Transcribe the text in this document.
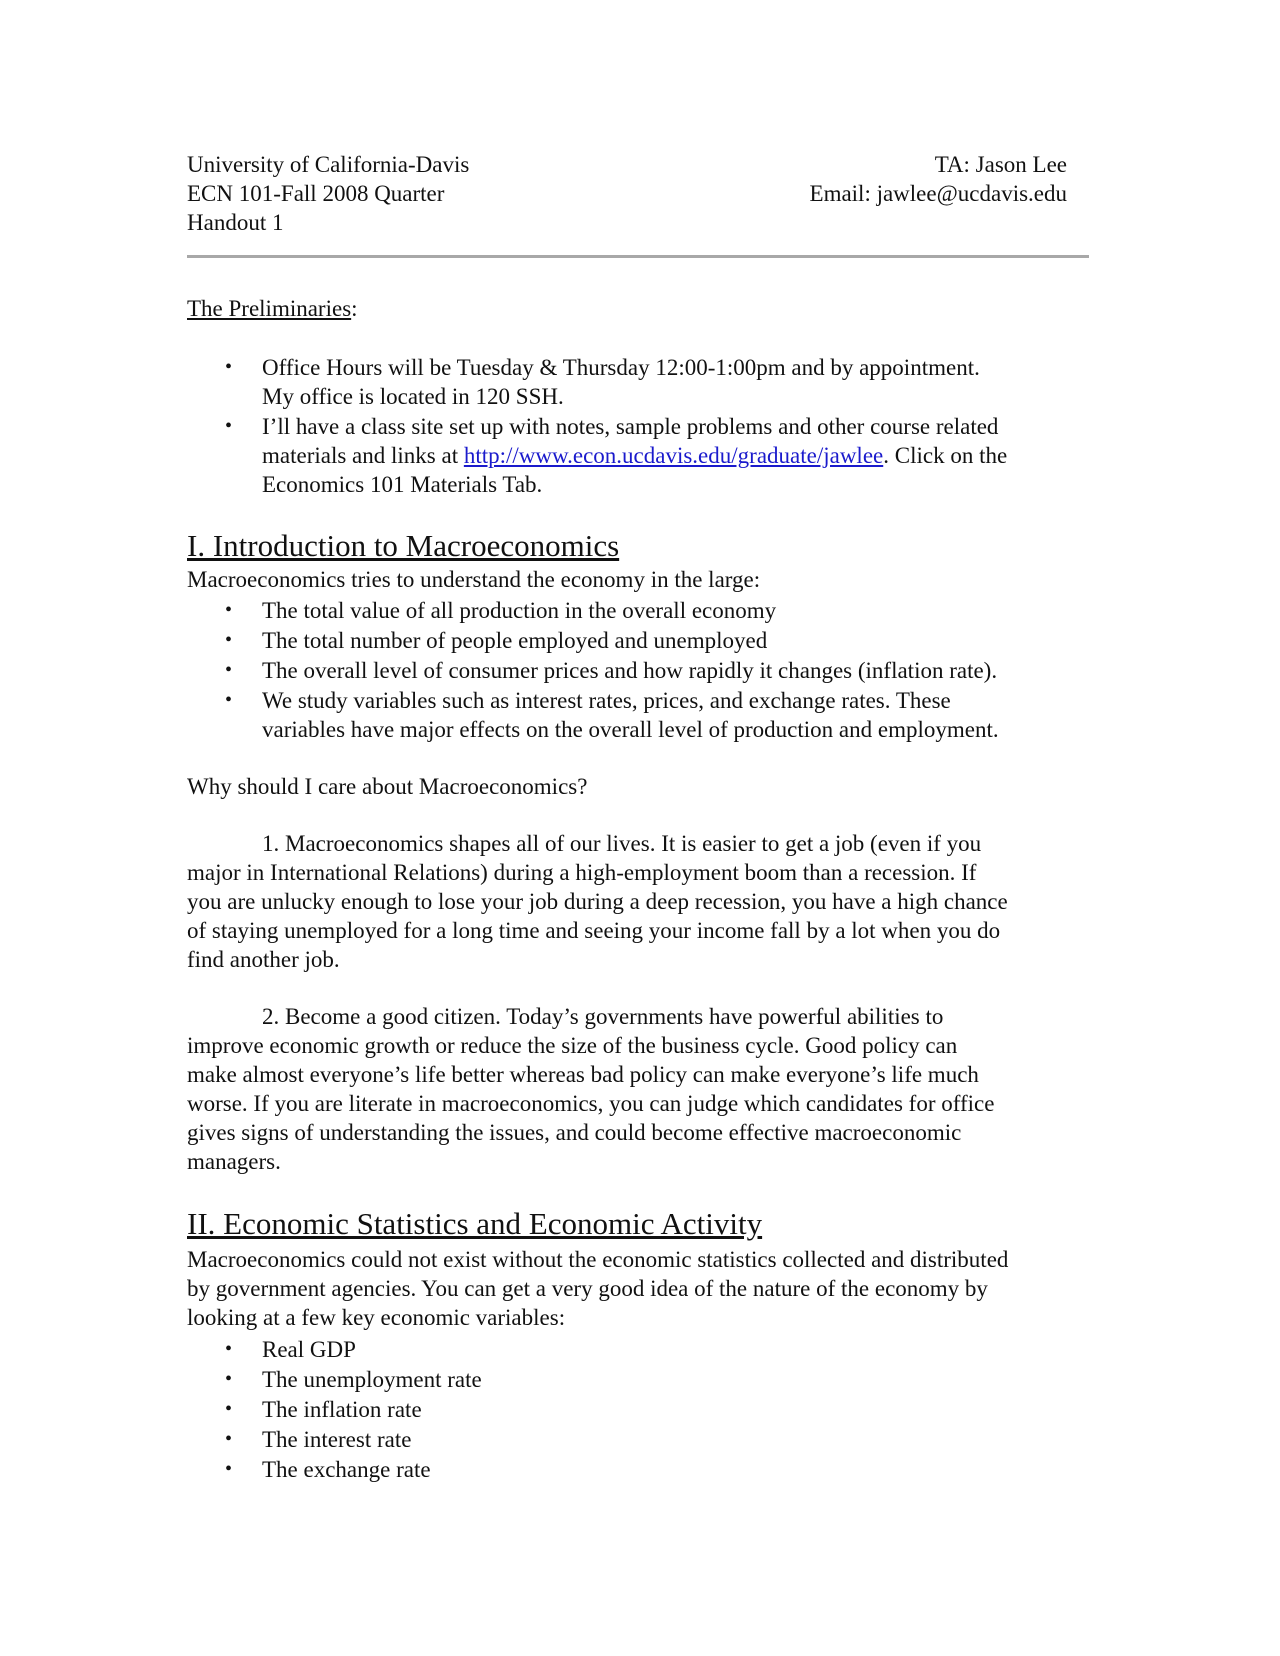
University of California-Davis
ECN 101-Fall 2008 Quarter
Handout 1
TA: Jason Lee
Email: jawlee@ucdavis.edu
The Preliminaries:
• Office Hours will be Tuesday & Thursday 12:00-1:00pm and by appointment.
My office is located in 120 SSH.
• I’ll have a class site set up with notes, sample problems and other course related
materials and links at http://www.econ.ucdavis.edu/graduate/jawlee. Click on the
Economics 101 Materials Tab.
I. Introduction to Macroeconomics
Macroeconomics tries to understand the economy in the large:
• The total value of all production in the overall economy
• The total number of people employed and unemployed
• The overall level of consumer prices and how rapidly it changes (inflation rate).
• We study variables such as interest rates, prices, and exchange rates. These
variables have major effects on the overall level of production and employment.
Why should I care about Macroeconomics?
1. Macroeconomics shapes all of our lives. It is easier to get a job (even if you
major in International Relations) during a high-employment boom than a recession. If
you are unlucky enough to lose your job during a deep recession, you have a high chance
of staying unemployed for a long time and seeing your income fall by a lot when you do
find another job.
2. Become a good citizen. Today’s governments have powerful abilities to
improve economic growth or reduce the size of the business cycle. Good policy can
make almost everyone’s life better whereas bad policy can make everyone’s life much
worse. If you are literate in macroeconomics, you can judge which candidates for office
gives signs of understanding the issues, and could become effective macroeconomic
managers.
II. Economic Statistics and Economic Activity
Macroeconomics could not exist without the economic statistics collected and distributed
by government agencies. You can get a very good idea of the nature of the economy by
looking at a few key economic variables:
• Real GDP
• The unemployment rate
• The inflation rate
• The interest rate
• The exchange rate
